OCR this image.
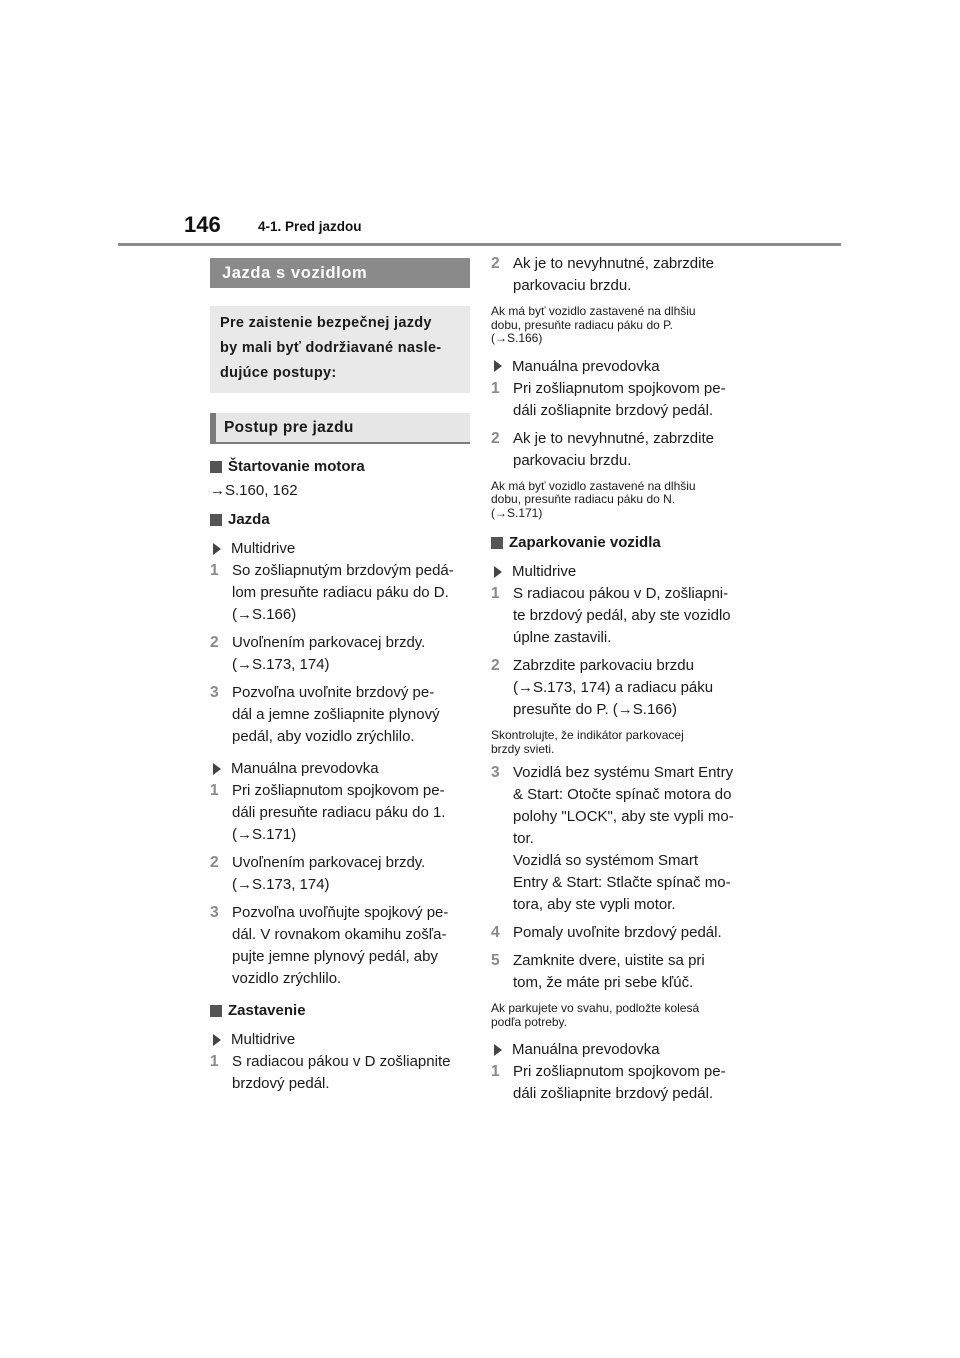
146	4-1. Pred jazdou
Jazda s vozidlom
Pre zaistenie bezpečnej jazdy
by mali byť dodržiavané nasle-
dujúce postupy:
Postup pre jazdu
Štartovanie motora
→S.160, 162
Jazda
Multidrive
1 So zošliapnutým brzdovým pedá-
lom presuňte radiacu páku do D.
(→S.166)
2 Uvoľnením parkovacej brzdy.
(→S.173, 174)
3 Pozvoľna uvoľnite brzdový pe-
dál a jemne zošliapnite plynový
pedál, aby vozidlo zrýchlilo.
Manuálna prevodovka
1 Pri zošliapnutom spojkovom pe-
dáli presuňte radiacu páku do 1.
(→S.171)
2 Uvoľnením parkovacej brzdy.
(→S.173, 174)
3 Pozvoľna uvoľňujte spojkový pe-
dál. V rovnakom okamihu zošľa-
pujte jemne plynový pedál, aby
vozidlo zrýchlilo.
Zastavenie
Multidrive
1 S radiacou pákou v D zošliapnite
brzdový pedál.
2 Ak je to nevyhnutné, zabrzdite
parkovaciu brzdu.
Ak má byť vozidlo zastavené na dlhšiu
dobu, presuňte radiacu páku do P.
(→S.166)
Manuálna prevodovka
1 Pri zošliapnutom spojkovom pe-
dáli zošliapnite brzdový pedál.
2 Ak je to nevyhnutné, zabrzdite
parkovaciu brzdu.
Ak má byť vozidlo zastavené na dlhšiu
dobu, presuňte radiacu páku do N.
(→S.171)
Zaparkovanie vozidla
Multidrive
1 S radiacou pákou v D, zošliapni-
te brzdový pedál, aby ste vozidlo
úplne zastavili.
2 Zabrzdite parkovaciu brzdu
(→S.173, 174) a radiacu páku
presuňte do P. (→S.166)
Skontrolujte, že indikátor parkovacej
brzdy svieti.
3 Vozidlá bez systému Smart Entry
& Start: Otočte spínač motora do
polohy "LOCK", aby ste vypli mo-
tor.
Vozidlá so systémom Smart
Entry & Start: Stlačte spínač mo-
tora, aby ste vypli motor.
4 Pomaly uvoľnite brzdový pedál.
5 Zamknite dvere, uistite sa pri
tom, že máte pri sebe kľúč.
Ak parkujete vo svahu, podložte kolesá
podľa potreby.
Manuálna prevodovka
1 Pri zošliapnutom spojkovom pe-
dáli zošliapnite brzdový pedál.
